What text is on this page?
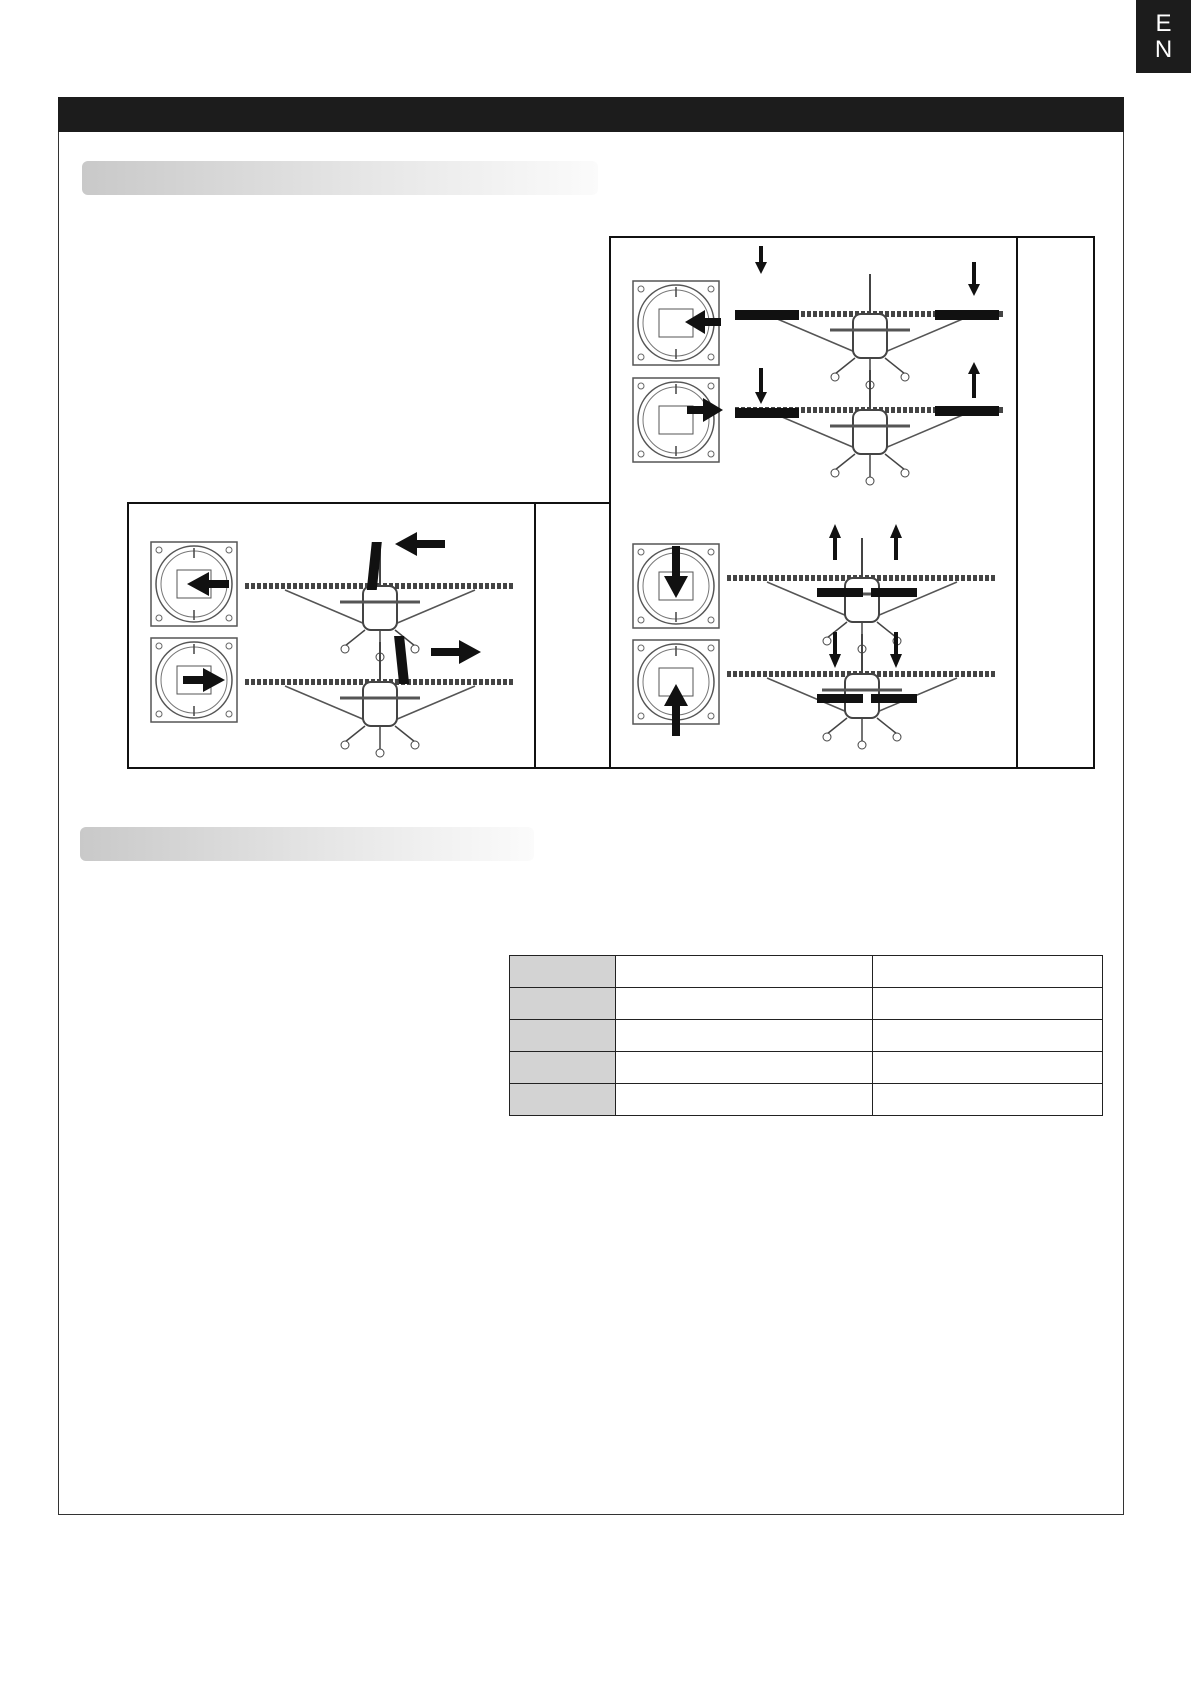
E
N
